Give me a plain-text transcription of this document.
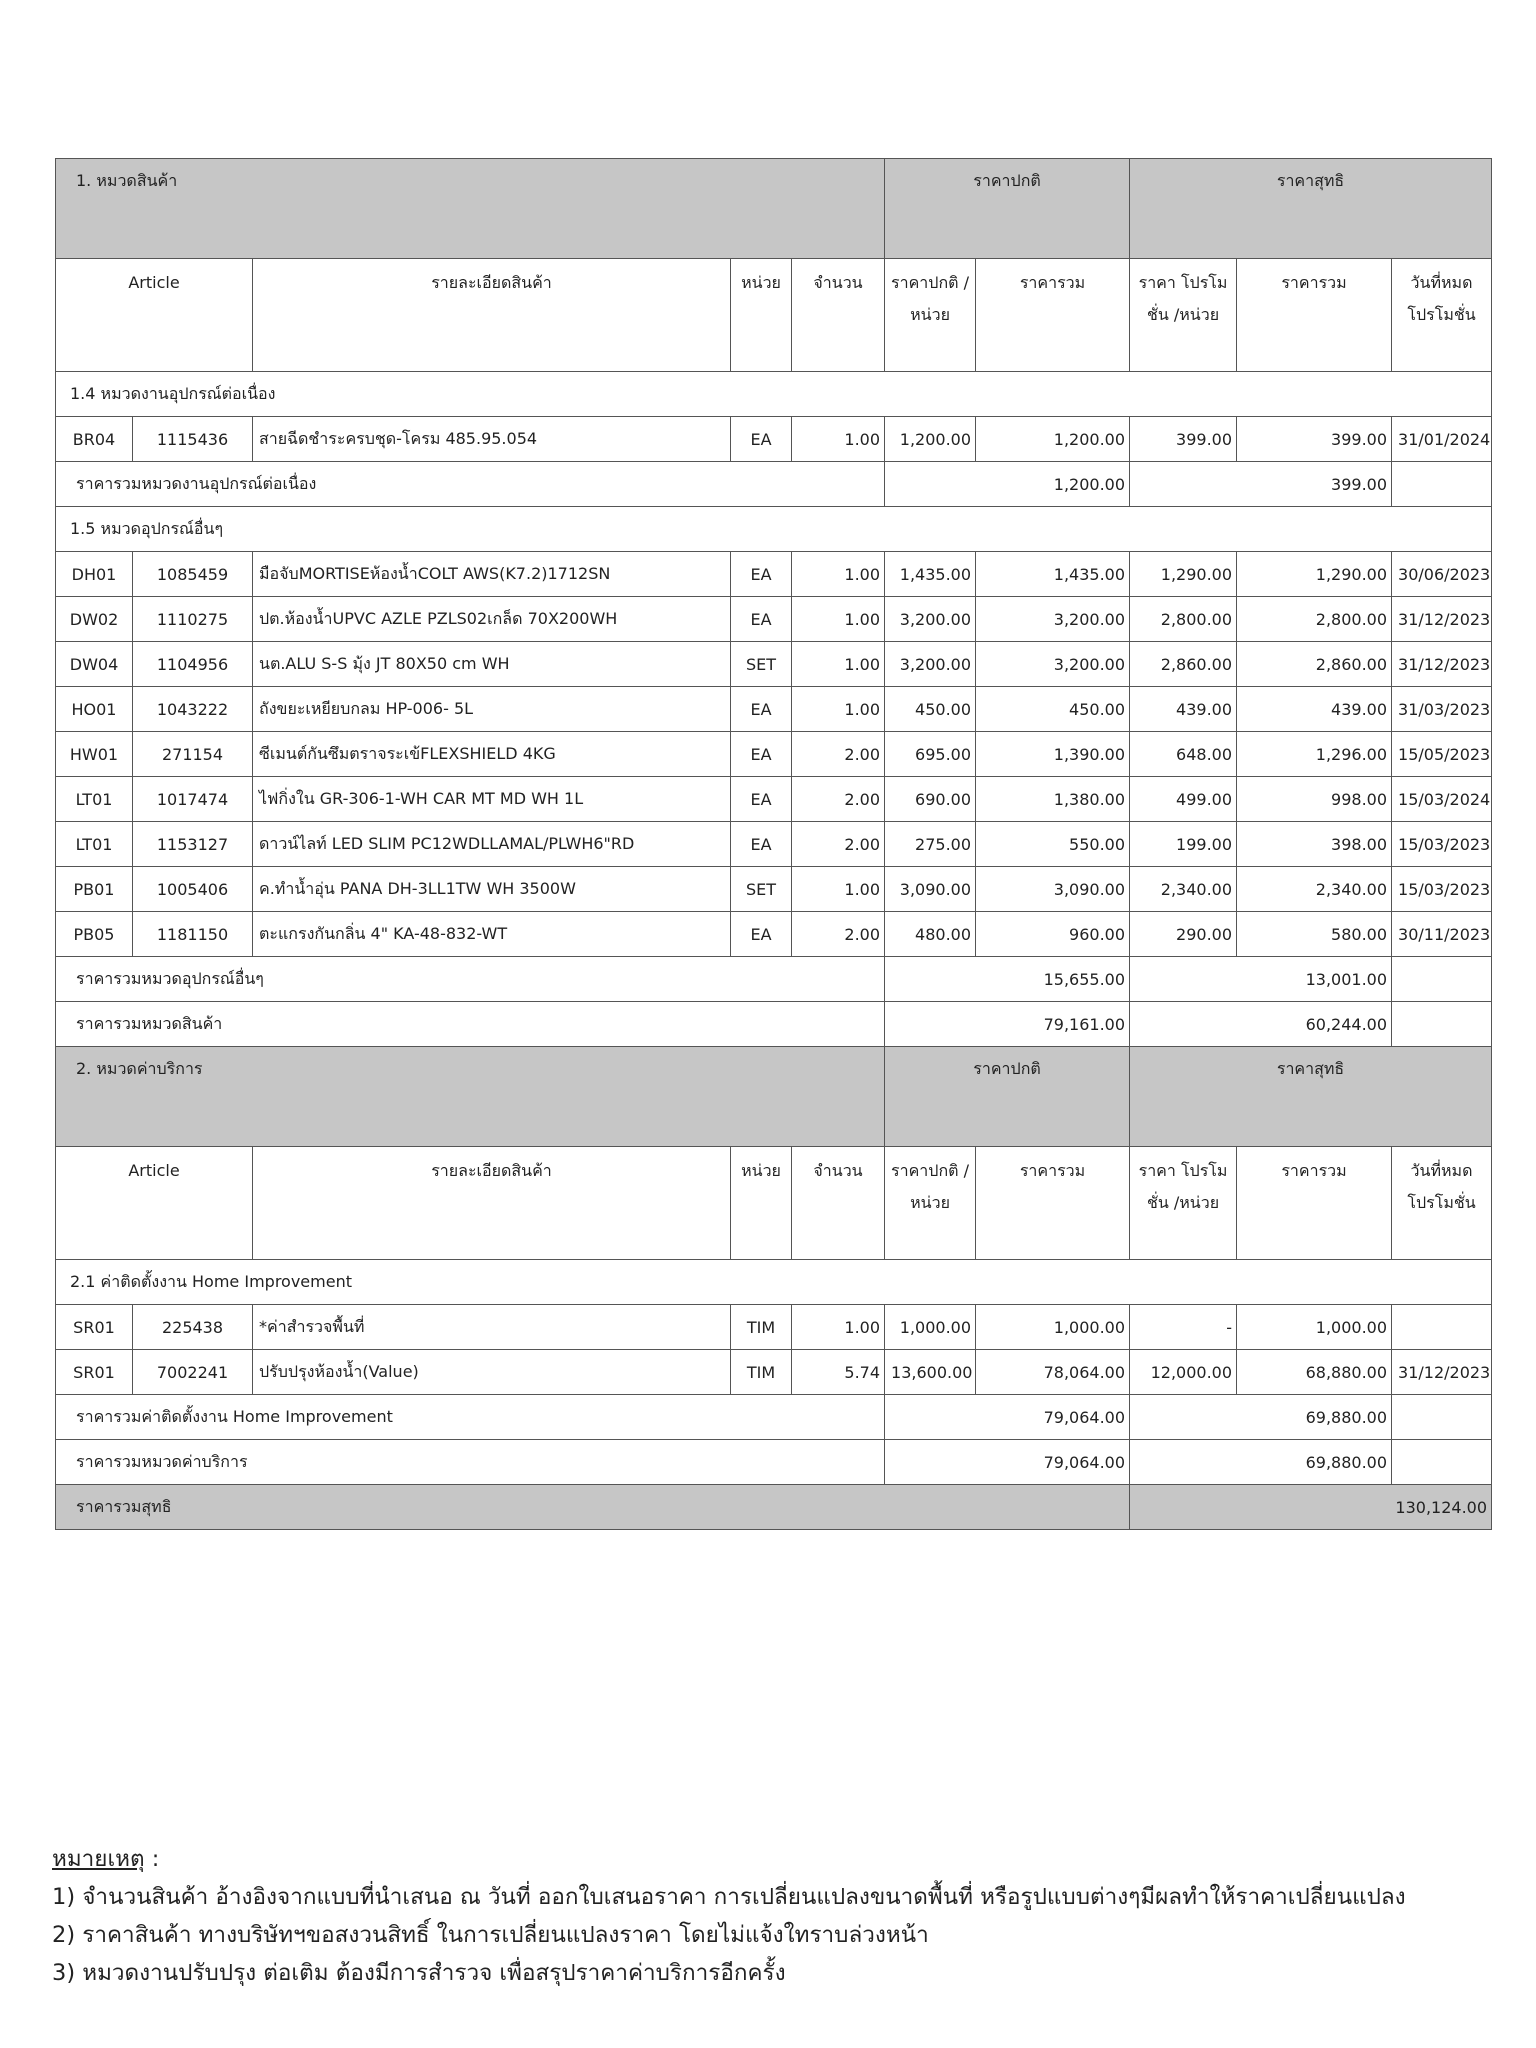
1. หมวดสินค้า					ราคาปกติ		ราคาสุทธิ		
Article		รายละเอียดสินค้า	หน่วย	จำนวน	ราคาปกติ /หน่วย	ราคารวม	ราคา โปรโมชั่น /หน่วย	ราคารวม	วันที่หมด โปรโมชั่น
1.4 หมวดงานอุปกรณ์ต่อเนื่อง									
BR04	1115436	สายฉีดชำระครบชุด-โครม 485.95.054	EA	1.00	1,200.00	1,200.00	399.00	399.00	31/01/2024
ราคารวมหมวดงานอุปกรณ์ต่อเนื่อง					1,200.00		399.00		
1.5 หมวดอุปกรณ์อื่นๆ									
DH01	1085459	มือจับMORTISEห้องน้ำCOLT AWS(K7.2)1712SN	EA	1.00	1,435.00	1,435.00	1,290.00	1,290.00	30/06/2023
DW02	1110275	ปต.ห้องน้ำUPVC AZLE PZLS02เกล็ด 70X200WH	EA	1.00	3,200.00	3,200.00	2,800.00	2,800.00	31/12/2023
DW04	1104956	นต.ALU S-S มุ้ง JT 80X50 cm WH	SET	1.00	3,200.00	3,200.00	2,860.00	2,860.00	31/12/2023
HO01	1043222	ถังขยะเหยียบกลม HP-006- 5L	EA	1.00	450.00	450.00	439.00	439.00	31/03/2023
HW01	271154	ซีเมนต์กันซึมตราจระเข้FLEXSHIELD 4KG	EA	2.00	695.00	1,390.00	648.00	1,296.00	15/05/2023
LT01	1017474	ไฟกิ่งใน GR-306-1-WH CAR MT MD WH 1L	EA	2.00	690.00	1,380.00	499.00	998.00	15/03/2024
LT01	1153127	ดาวน์ไลท์ LED SLIM PC12WDLLAMAL/PLWH6"RD	EA	2.00	275.00	550.00	199.00	398.00	15/03/2023
PB01	1005406	ค.ทำน้ำอุ่น PANA DH-3LL1TW WH 3500W	SET	1.00	3,090.00	3,090.00	2,340.00	2,340.00	15/03/2023
PB05	1181150	ตะแกรงกันกลิ่น 4" KA-48-832-WT	EA	2.00	480.00	960.00	290.00	580.00	30/11/2023
ราคารวมหมวดอุปกรณ์อื่นๆ					15,655.00		13,001.00		
ราคารวมหมวดสินค้า					79,161.00		60,244.00		
2. หมวดค่าบริการ					ราคาปกติ		ราคาสุทธิ		
Article		รายละเอียดสินค้า	หน่วย	จำนวน	ราคาปกติ /หน่วย	ราคารวม	ราคา โปรโมชั่น /หน่วย	ราคารวม	วันที่หมด โปรโมชั่น
2.1 ค่าติดตั้งงาน Home Improvement									
SR01	225438	*ค่าสำรวจพื้นที่	TIM	1.00	1,000.00	1,000.00	-	1,000.00	
SR01	7002241	ปรับปรุงห้องน้ำ(Value)	TIM	5.74	13,600.00	78,064.00	12,000.00	68,880.00	31/12/2023
ราคารวมค่าติดตั้งงาน Home Improvement					79,064.00		69,880.00		
ราคารวมหมวดค่าบริการ					79,064.00		69,880.00		
ราคารวมสุทธิ							130,124.00		
หมายเหตุ :
1) จำนวนสินค้า อ้างอิงจากแบบที่นำเสนอ ณ วันที่ ออกใบเสนอราคา การเปลี่ยนแปลงขนาดพื้นที่ หรือรูปแบบต่างๆมีผลทำให้ราคาเปลี่ยนแปลง
2) ราคาสินค้า ทางบริษัทฯขอสงวนสิทธิ์ ในการเปลี่ยนแปลงราคา โดยไม่แจ้งใทราบล่วงหน้า
3) หมวดงานปรับปรุง ต่อเติม ต้องมีการสำรวจ เพื่อสรุปราคาค่าบริการอีกครั้ง
